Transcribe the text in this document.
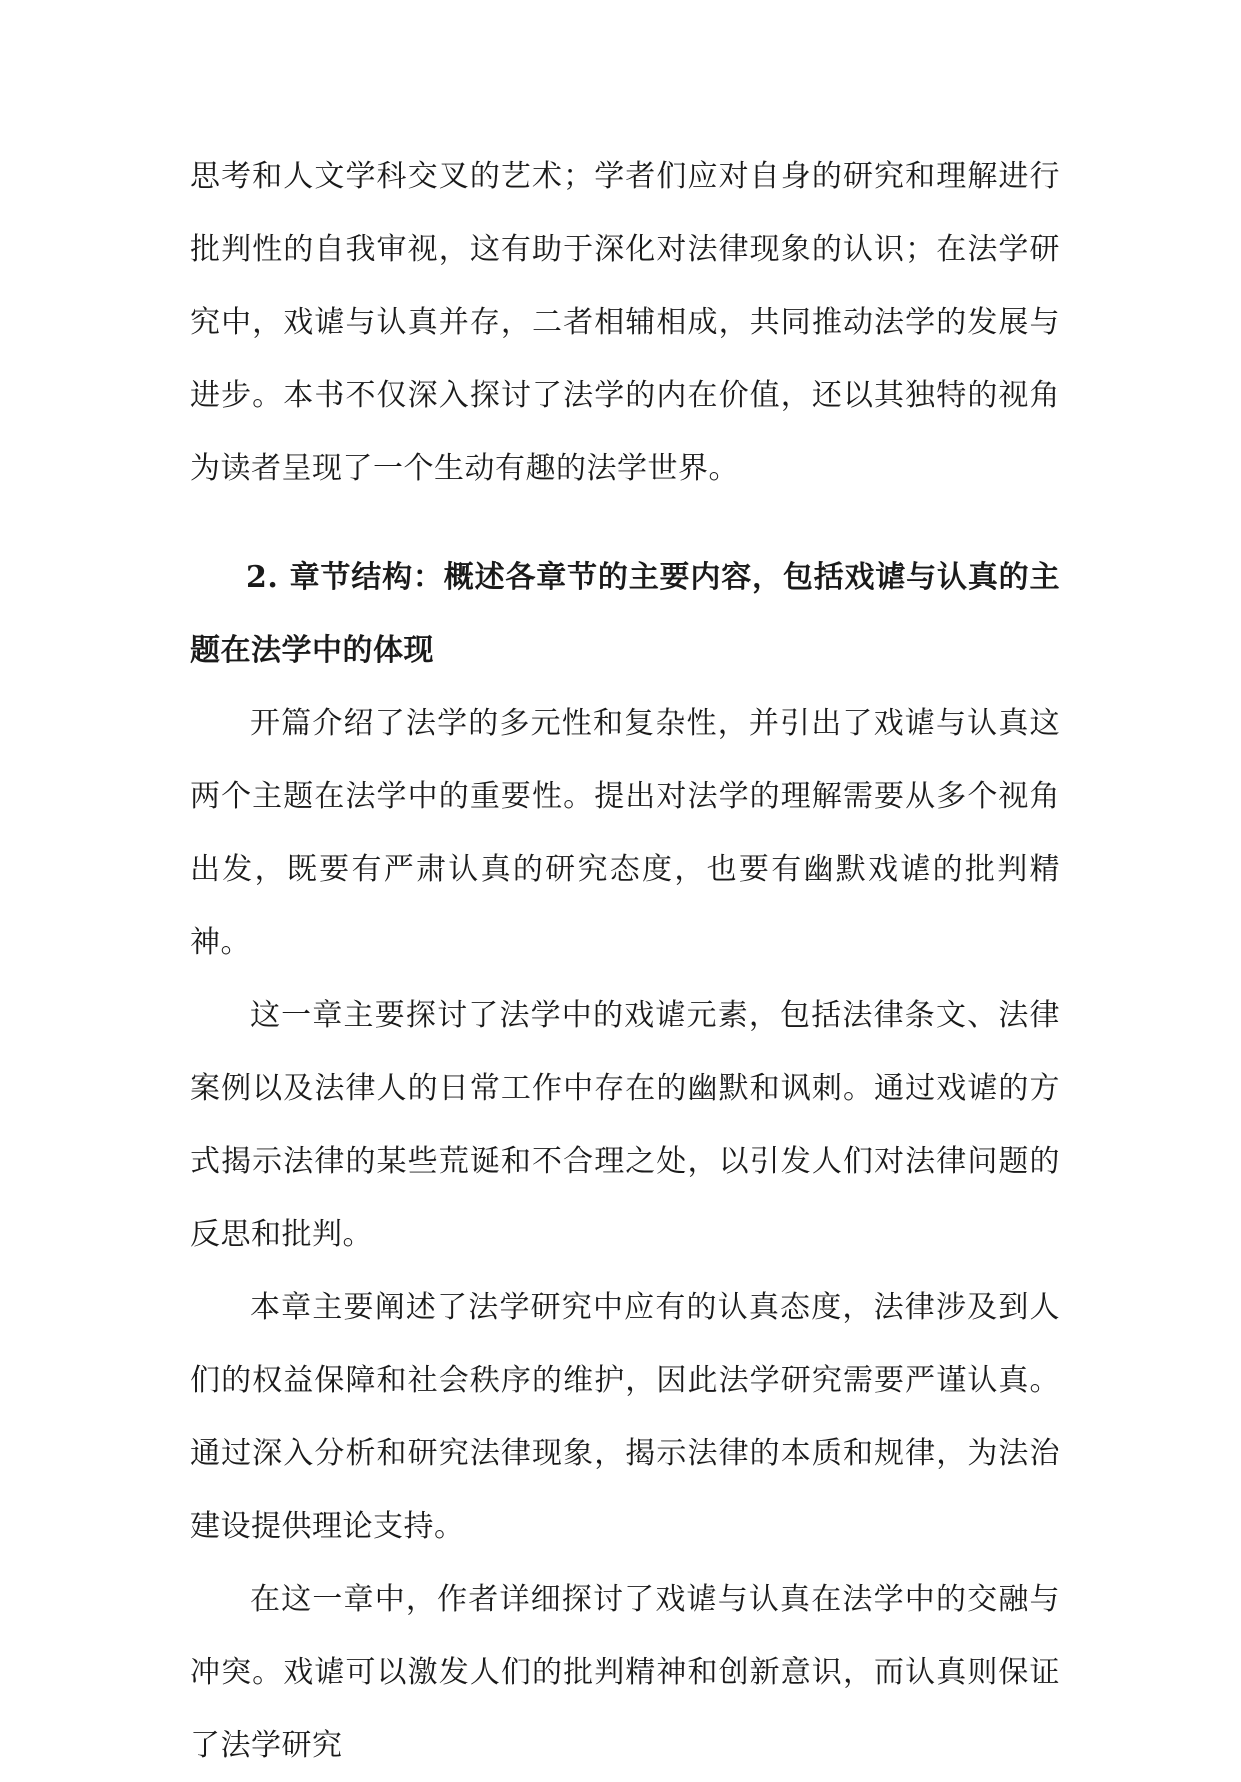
思考和人文学科交叉的艺术；学者们应对自身的研究和理解进行批判性的自我审视，这有助于深化对法律现象的认识；在法学研究中，戏谑与认真并存，二者相辅相成，共同推动法学的发展与进步。本书不仅深入探讨了法学的内在价值，还以其独特的视角为读者呈现了一个生动有趣的法学世界。

2. 章节结构：概述各章节的主要内容，包括戏谑与认真的主题在法学中的体现

开篇介绍了法学的多元性和复杂性，并引出了戏谑与认真这两个主题在法学中的重要性。提出对法学的理解需要从多个视角出发，既要有严肃认真的研究态度，也要有幽默戏谑的批判精神。

这一章主要探讨了法学中的戏谑元素，包括法律条文、法律案例以及法律人的日常工作中存在的幽默和讽刺。通过戏谑的方式揭示法律的某些荒诞和不合理之处，以引发人们对法律问题的反思和批判。

本章主要阐述了法学研究中应有的认真态度，法律涉及到人们的权益保障和社会秩序的维护，因此法学研究需要严谨认真。通过深入分析和研究法律现象，揭示法律的本质和规律，为法治建设提供理论支持。

在这一章中，作者详细探讨了戏谑与认真在法学中的交融与冲突。戏谑可以激发人们的批判精神和创新意识，而认真则保证了法学研究
